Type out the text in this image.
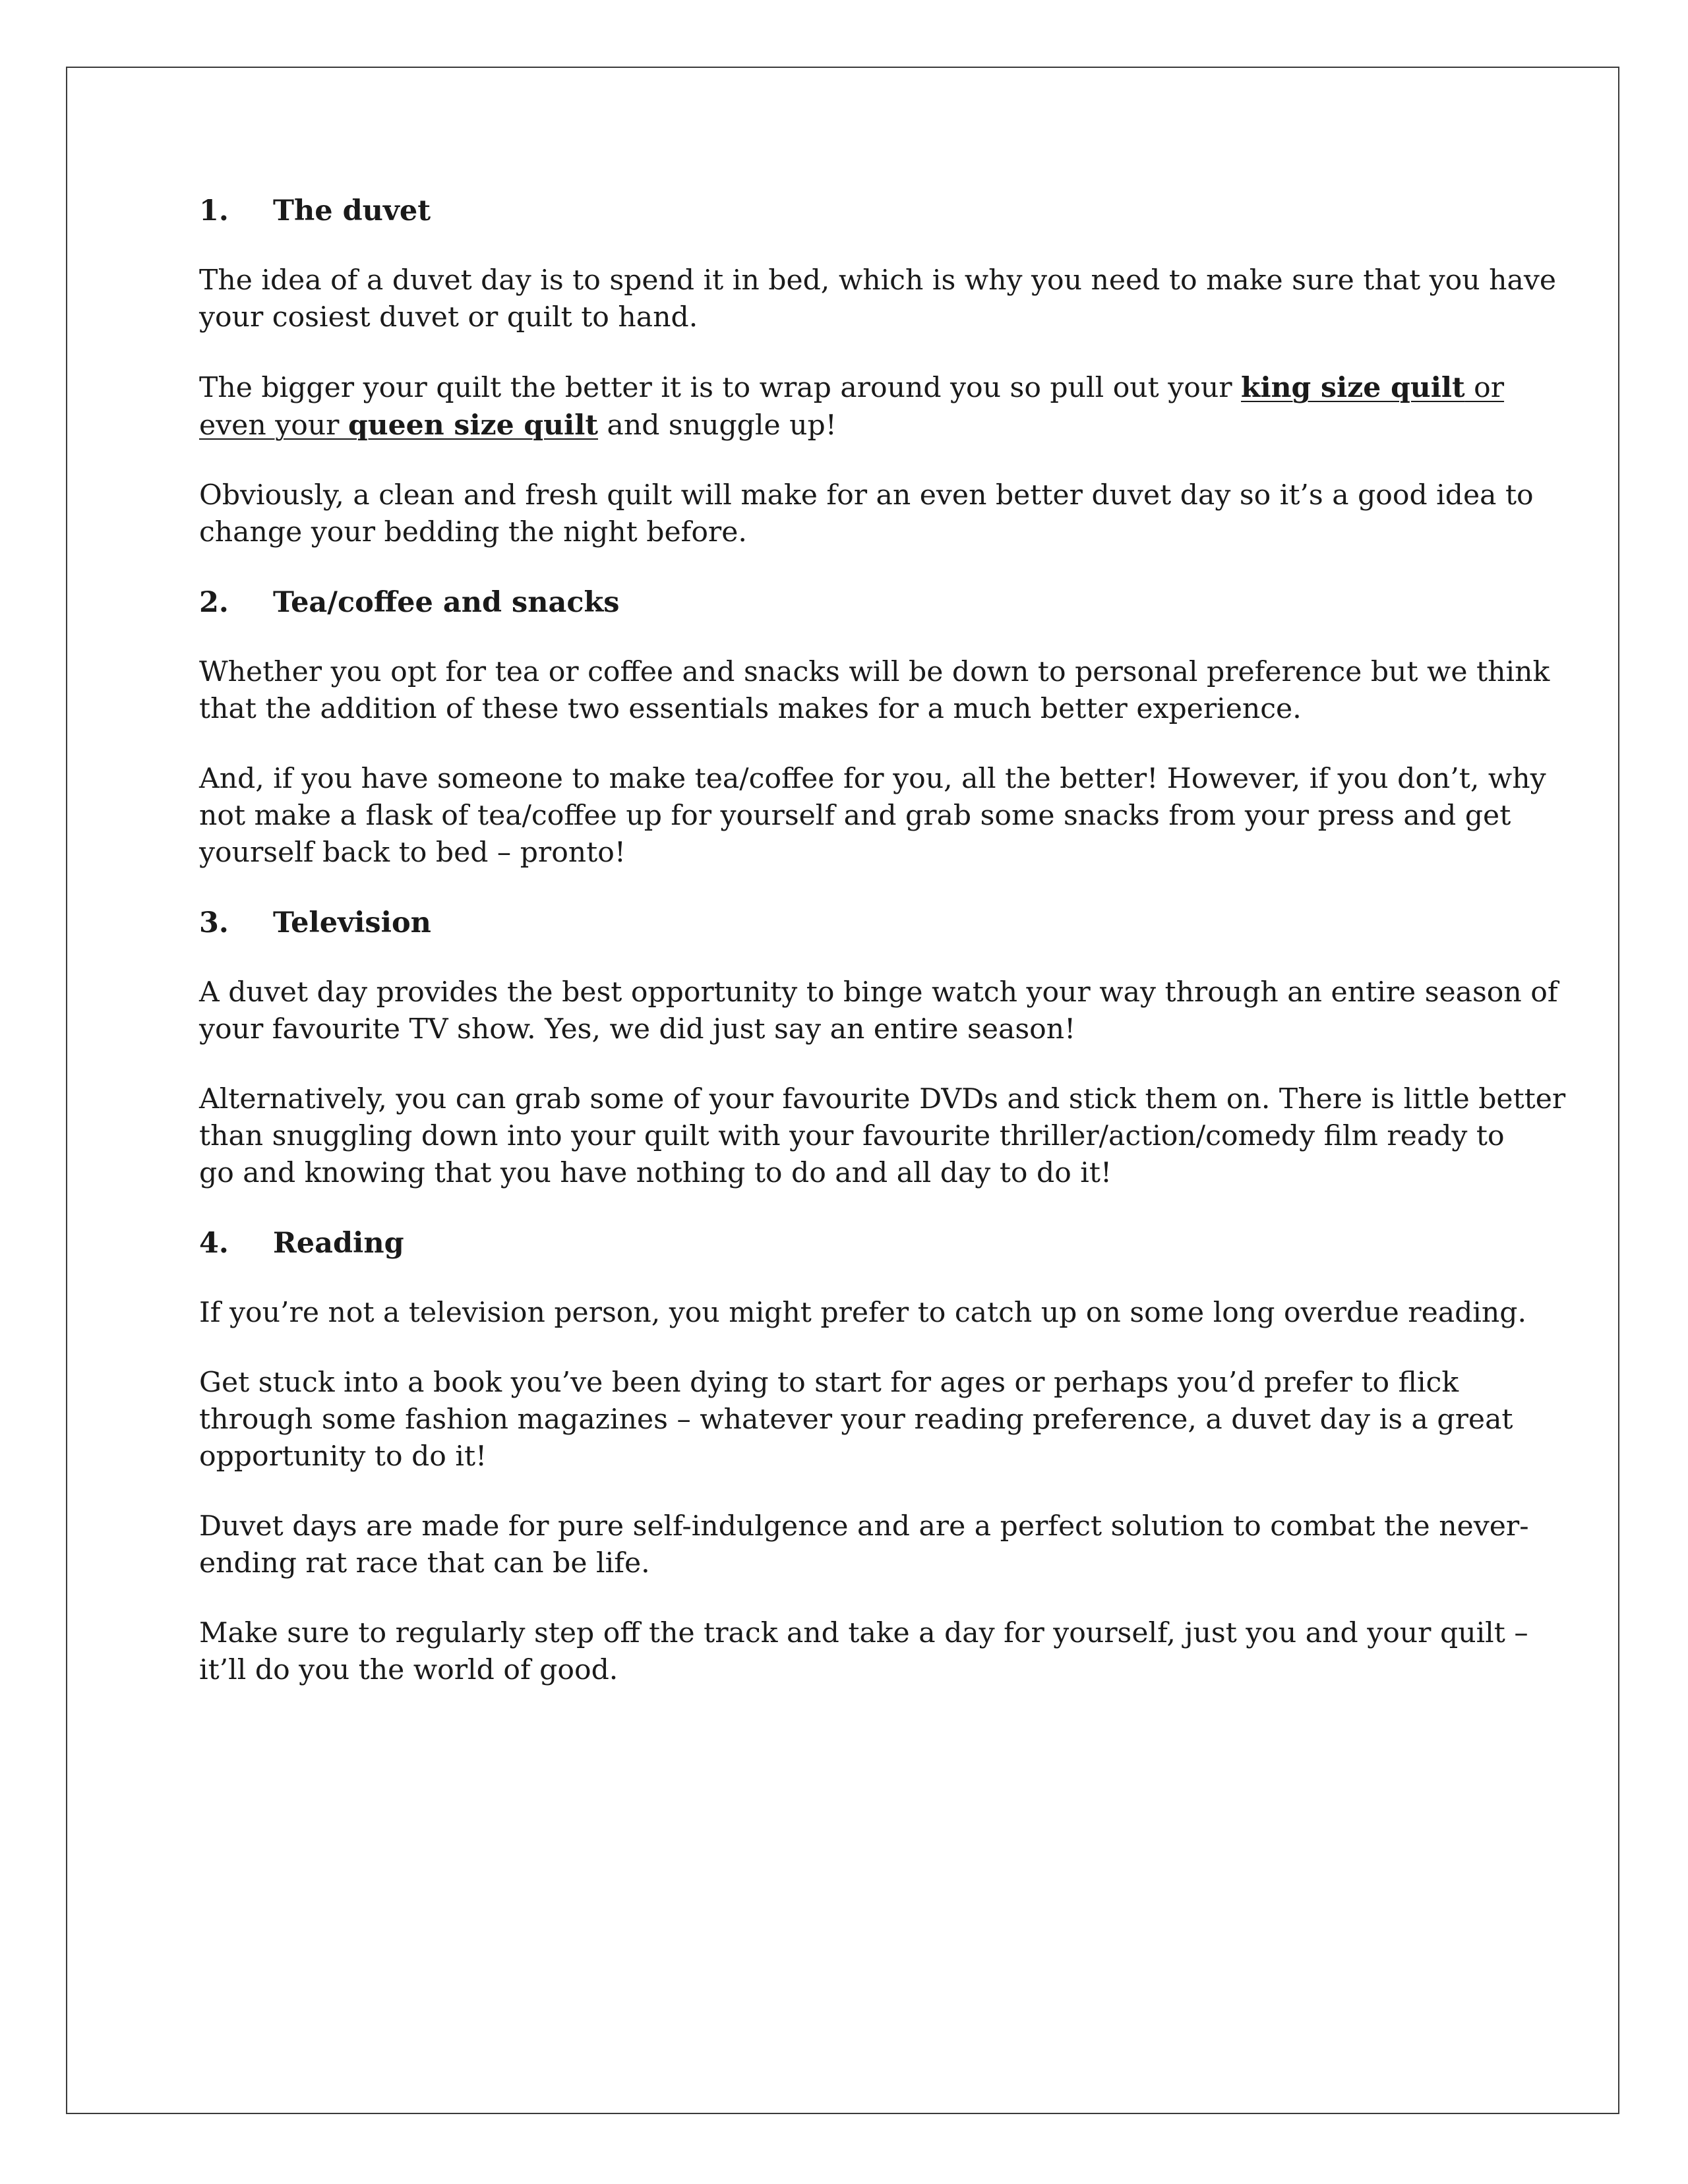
1. The duvet

The idea of a duvet day is to spend it in bed, which is why you need to make sure that you have
your cosiest duvet or quilt to hand.

The bigger your quilt the better it is to wrap around you so pull out your king size quilt or
even your queen size quilt and snuggle up!

Obviously, a clean and fresh quilt will make for an even better duvet day so it’s a good idea to
change your bedding the night before.

2. Tea/coffee and snacks

Whether you opt for tea or coffee and snacks will be down to personal preference but we think
that the addition of these two essentials makes for a much better experience.

And, if you have someone to make tea/coffee for you, all the better! However, if you don’t, why
not make a flask of tea/coffee up for yourself and grab some snacks from your press and get
yourself back to bed – pronto!

3. Television

A duvet day provides the best opportunity to binge watch your way through an entire season of
your favourite TV show. Yes, we did just say an entire season!

Alternatively, you can grab some of your favourite DVDs and stick them on. There is little better
than snuggling down into your quilt with your favourite thriller/action/comedy film ready to
go and knowing that you have nothing to do and all day to do it!

4. Reading

If you’re not a television person, you might prefer to catch up on some long overdue reading.

Get stuck into a book you’ve been dying to start for ages or perhaps you’d prefer to flick
through some fashion magazines – whatever your reading preference, a duvet day is a great
opportunity to do it!

Duvet days are made for pure self-indulgence and are a perfect solution to combat the never-
ending rat race that can be life.

Make sure to regularly step off the track and take a day for yourself, just you and your quilt –
it’ll do you the world of good.
